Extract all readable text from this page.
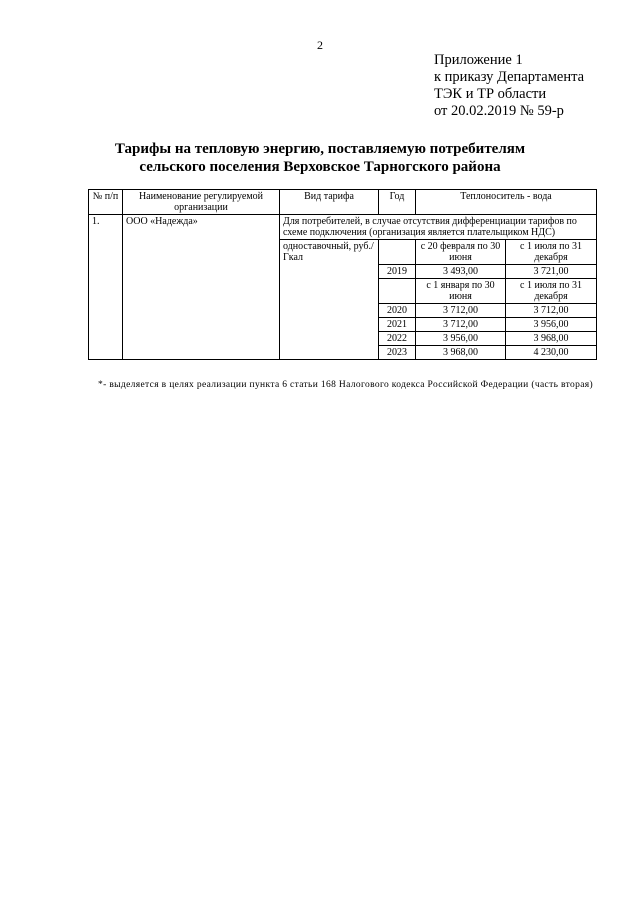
2
Приложение 1
к приказу Департамента
ТЭК и ТР области
от 20.02.2019 № 59-р
Тарифы на тепловую энергию, поставляемую потребителям
сельского поселения Верховское Тарногского района
№ п/п	Наименование регулируемой организации	Вид тарифа	Год	Теплоноситель - вода	
1.	ООО «Надежда»	Для потребителей, в случае отсутствия дифференциации тарифов по схеме подключения (организация является плательщиком НДС)			
		одноставочный, руб./Гкал		с 20 февраля по 30 июня	с 1 июля по 31 декабря
			2019	3 493,00	3 721,00
				с 1 января по 30 июня	с 1 июля по 31 декабря
			2020	3 712,00	3 712,00
			2021	3 712,00	3 956,00
			2022	3 956,00	3 968,00
			2023	3 968,00	4 230,00
*- выделяется в целях реализации пункта 6 статьи 168 Налогового кодекса Российской Федерации (часть вторая)
